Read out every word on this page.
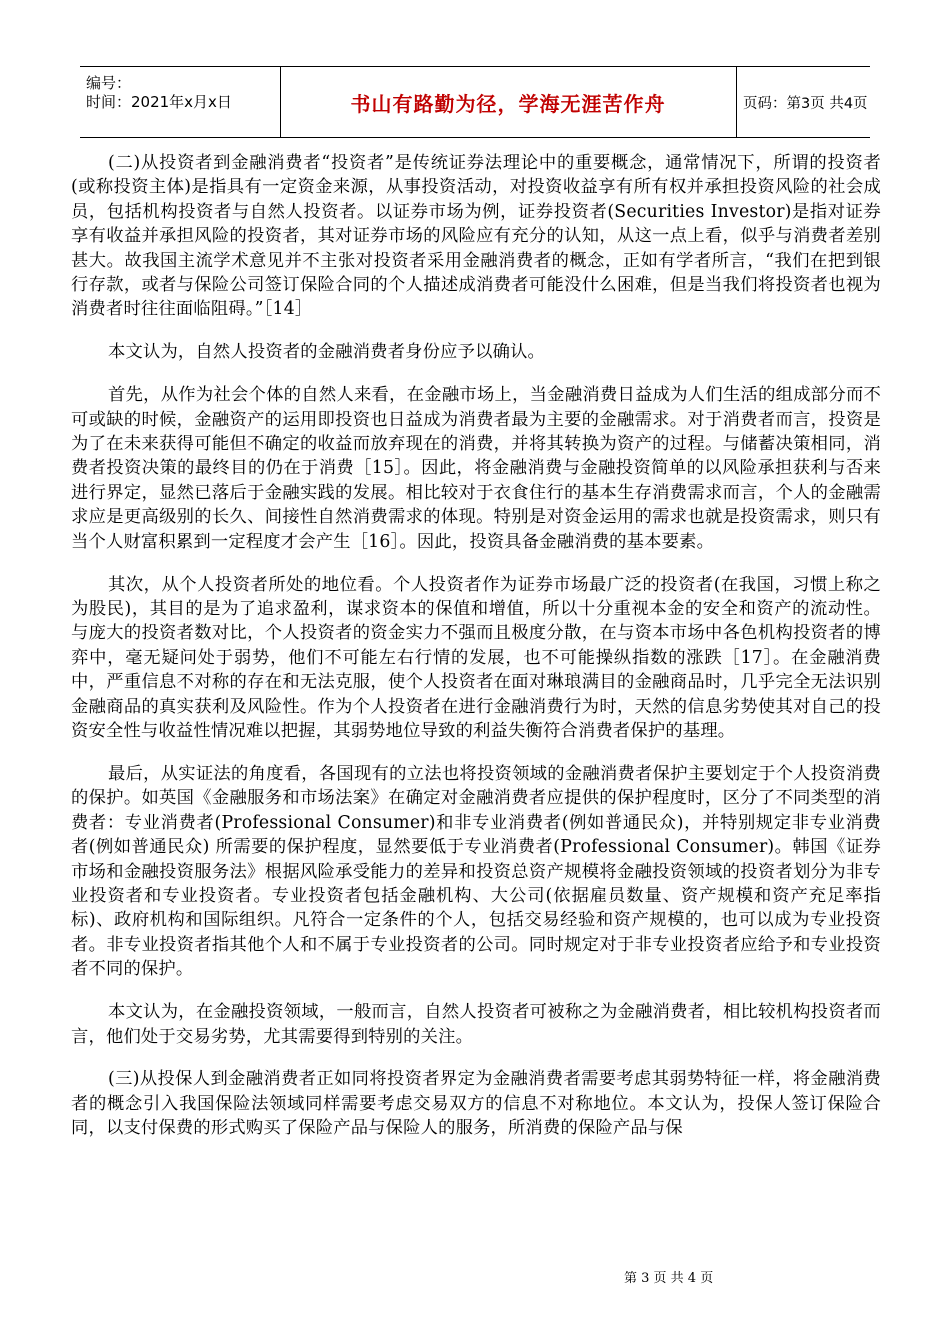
编号：
时间：2021年x月x日	书山有路勤为径，学海无涯苦作舟	页码：第3页 共4页

(二)从投资者到金融消费者“投资者”是传统证券法理论中的重要概念，通常情况下，所谓的投资者(或称投资主体)是指具有一定资金来源，从事投资活动，对投资收益享有所有权并承担投资风险的社会成员，包括机构投资者与自然人投资者。以证券市场为例，证券投资者(Securities Investor)是指对证券享有收益并承担风险的投资者，其对证券市场的风险应有充分的认知，从这一点上看，似乎与消费者差别甚大。故我国主流学术意见并不主张对投资者采用金融消费者的概念，正如有学者所言，“我们在把到银行存款，或者与保险公司签订保险合同的个人描述成消费者可能没什么困难，但是当我们将投资者也视为消费者时往往面临阻碍。”［14］

本文认为，自然人投资者的金融消费者身份应予以确认。

首先，从作为社会个体的自然人来看，在金融市场上，当金融消费日益成为人们生活的组成部分而不可或缺的时候，金融资产的运用即投资也日益成为消费者最为主要的金融需求。对于消费者而言，投资是为了在未来获得可能但不确定的收益而放弃现在的消费，并将其转换为资产的过程。与储蓄决策相同，消费者投资决策的最终目的仍在于消费［15］。因此，将金融消费与金融投资简单的以风险承担获利与否来进行界定，显然已落后于金融实践的发展。相比较对于衣食住行的基本生存消费需求而言，个人的金融需求应是更高级别的长久、间接性自然消费需求的体现。特别是对资金运用的需求也就是投资需求，则只有当个人财富积累到一定程度才会产生［16］。因此，投资具备金融消费的基本要素。

其次，从个人投资者所处的地位看。个人投资者作为证券市场最广泛的投资者(在我国，习惯上称之为股民)，其目的是为了追求盈利，谋求资本的保值和增值，所以十分重视本金的安全和资产的流动性。与庞大的投资者数对比，个人投资者的资金实力不强而且极度分散，在与资本市场中各色机构投资者的博弈中，毫无疑问处于弱势，他们不可能左右行情的发展，也不可能操纵指数的涨跌［17］。在金融消费中，严重信息不对称的存在和无法克服，使个人投资者在面对琳琅满目的金融商品时，几乎完全无法识别金融商品的真实获利及风险性。作为个人投资者在进行金融消费行为时，天然的信息劣势使其对自己的投资安全性与收益性情况难以把握，其弱势地位导致的利益失衡符合消费者保护的基理。

最后，从实证法的角度看，各国现有的立法也将投资领域的金融消费者保护主要划定于个人投资消费的保护。如英国《金融服务和市场法案》在确定对金融消费者应提供的保护程度时，区分了不同类型的消费者：专业消费者(Professional Consumer)和非专业消费者(例如普通民众)，并特别规定非专业消费者(例如普通民众) 所需要的保护程度，显然要低于专业消费者(Professional Consumer)。韩国《证券市场和金融投资服务法》根据风险承受能力的差异和投资总资产规模将金融投资领域的投资者划分为非专业投资者和专业投资者。专业投资者包括金融机构、大公司(依据雇员数量、资产规模和资产充足率指标)、政府机构和国际组织。凡符合一定条件的个人，包括交易经验和资产规模的，也可以成为专业投资者。非专业投资者指其他个人和不属于专业投资者的公司。同时规定对于非专业投资者应给予和专业投资者不同的保护。

本文认为，在金融投资领域，一般而言，自然人投资者可被称之为金融消费者，相比较机构投资者而言，他们处于交易劣势，尤其需要得到特别的关注。

(三)从投保人到金融消费者正如同将投资者界定为金融消费者需要考虑其弱势特征一样，将金融消费者的概念引入我国保险法领域同样需要考虑交易双方的信息不对称地位。本文认为，投保人签订保险合同，以支付保费的形式购买了保险产品与保险人的服务，所消费的保险产品与保

第 3 页 共 4 页
